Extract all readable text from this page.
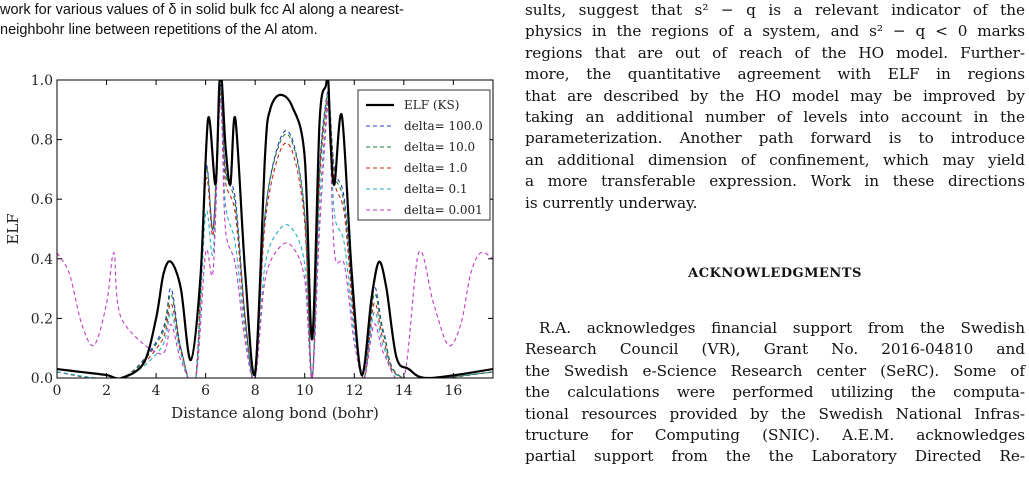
work for various values of δ in solid bulk fcc Al along a nearest-
neighbohr line between repetitions of the Al atom.
0	2	4	6	8	10 12 14 16
0.0
0.2
0.4
0.6
0.8
1.0
Distance along bond (bohr)
ELF
ELF (KS)
delta= 100.0
delta= 10.0
delta= 1.0
delta= 0.1
delta= 0.001
sults, suggest that s² − q is a relevant indicator of the
physics in the regions of a system, and s² − q < 0 marks
regions that are out of reach of the HO model. Further-
more, the quantitative agreement with ELF in regions
that are described by the HO model may be improved by
taking an additional number of levels into account in the
parameterization. Another path forward is to introduce
an additional dimension of confinement, which may yield
a more transferable expression. Work in these directions
is currently underway.
ACKNOWLEDGMENTS
R.A. acknowledges financial support from the Swedish
Research Council (VR), Grant No. 2016-04810 and
the Swedish e-Science Research center (SeRC). Some of
the calculations were performed utilizing the computa-
tional resources provided by the Swedish National Infras-
tructure for Computing (SNIC). A.E.M. acknowledges
partial support from the the Laboratory Directed Re-
